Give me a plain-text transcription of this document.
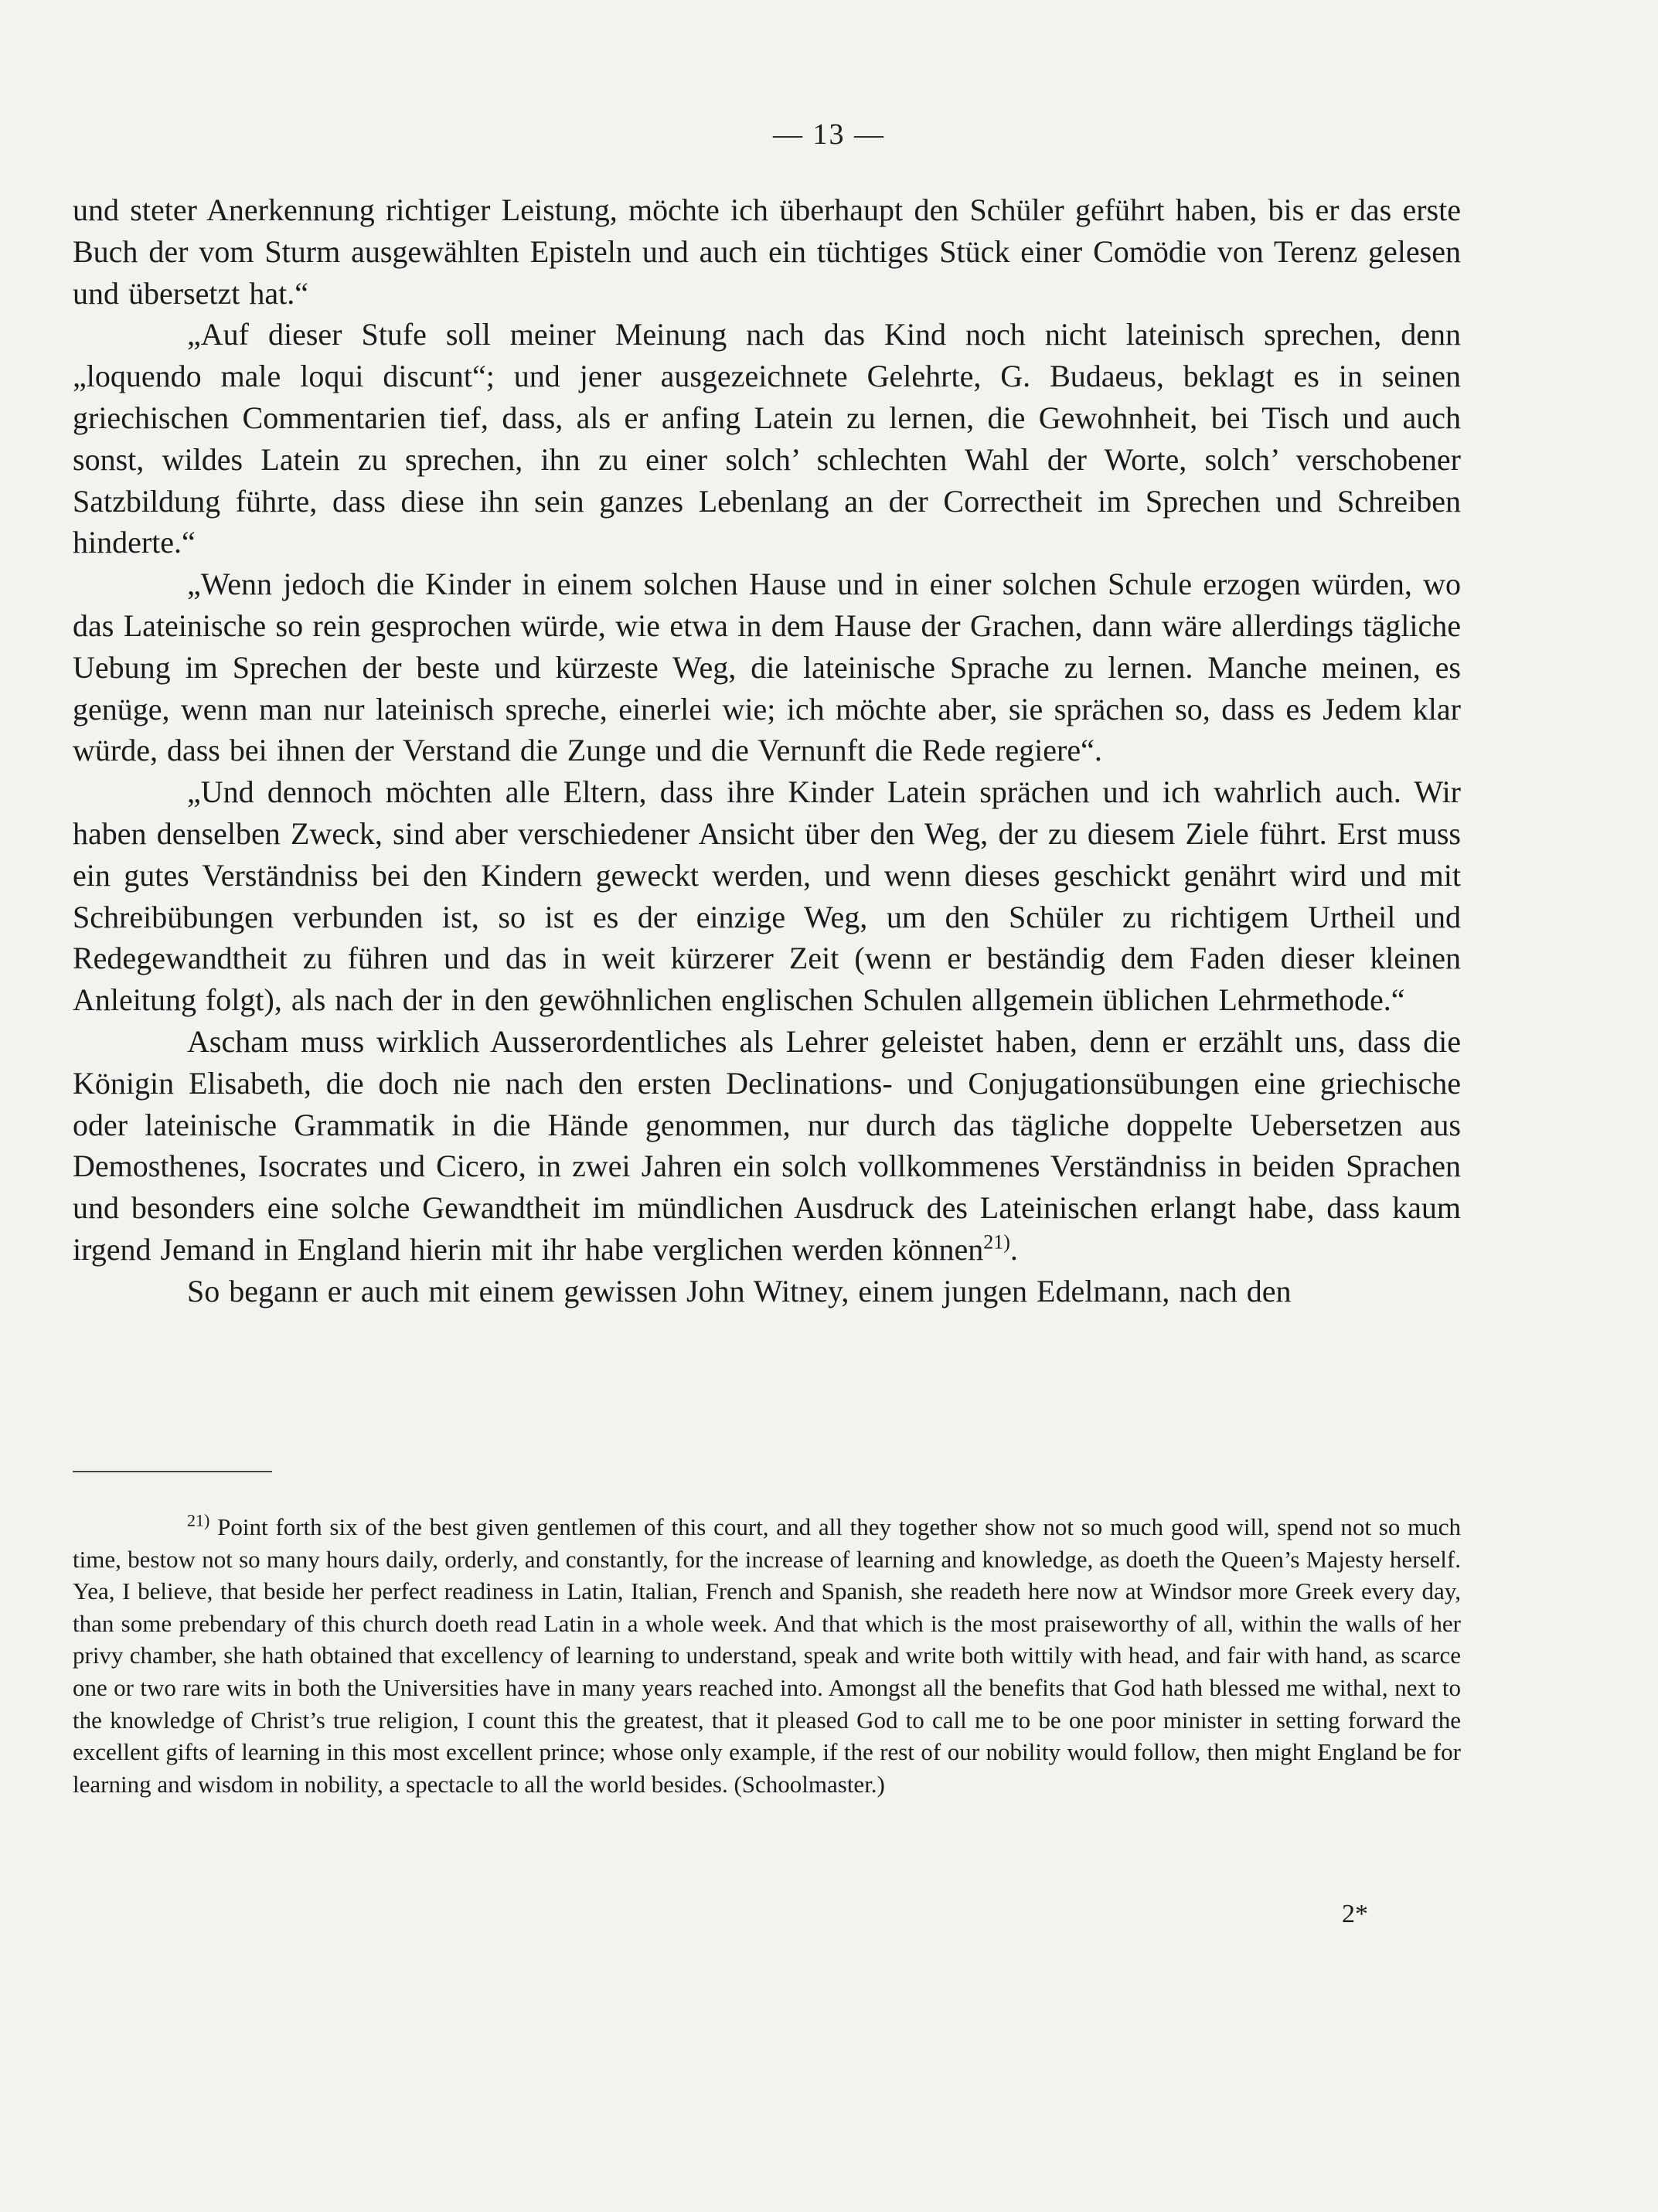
— 13 —

und steter Anerkennung richtiger Leistung, möchte ich überhaupt den Schüler geführt haben, bis er das erste Buch der vom Sturm ausgewählten Episteln und auch ein tüchtiges Stück einer Comödie von Terenz gelesen und übersetzt hat.“

„Auf dieser Stufe soll meiner Meinung nach das Kind noch nicht lateinisch sprechen, denn „loquendo male loqui discunt“; und jener ausgezeichnete Gelehrte, G. Budaeus, beklagt es in seinen griechischen Commentarien tief, dass, als er anfing Latein zu lernen, die Gewohnheit, bei Tisch und auch sonst, wildes Latein zu sprechen, ihn zu einer solch’ schlechten Wahl der Worte, solch’ verschobener Satzbildung führte, dass diese ihn sein ganzes Lebenlang an der Correctheit im Sprechen und Schreiben hinderte.“

„Wenn jedoch die Kinder in einem solchen Hause und in einer solchen Schule erzogen würden, wo das Lateinische so rein gesprochen würde, wie etwa in dem Hause der Grachen, dann wäre allerdings tägliche Uebung im Sprechen der beste und kürzeste Weg, die lateinische Sprache zu lernen. Manche meinen, es genüge, wenn man nur lateinisch spreche, einerlei wie; ich möchte aber, sie sprächen so, dass es Jedem klar würde, dass bei ihnen der Verstand die Zunge und die Vernunft die Rede regiere“.

„Und dennoch möchten alle Eltern, dass ihre Kinder Latein sprächen und ich wahrlich auch. Wir haben denselben Zweck, sind aber verschiedener Ansicht über den Weg, der zu diesem Ziele führt. Erst muss ein gutes Verständniss bei den Kindern geweckt werden, und wenn dieses geschickt genährt wird und mit Schreibübungen verbunden ist, so ist es der einzige Weg, um den Schüler zu richtigem Urtheil und Redegewandtheit zu führen und das in weit kürzerer Zeit (wenn er beständig dem Faden dieser kleinen Anleitung folgt), als nach der in den gewöhnlichen englischen Schulen allgemein üblichen Lehrmethode.“

Ascham muss wirklich Ausserordentliches als Lehrer geleistet haben, denn er erzählt uns, dass die Königin Elisabeth, die doch nie nach den ersten Declinations- und Conjugationsübungen eine griechische oder lateinische Grammatik in die Hände genommen, nur durch das tägliche doppelte Uebersetzen aus Demosthenes, Isocrates und Cicero, in zwei Jahren ein solch vollkommenes Verständniss in beiden Sprachen und besonders eine solche Gewandtheit im mündlichen Ausdruck des Lateinischen erlangt habe, dass kaum irgend Jemand in England hierin mit ihr habe verglichen werden können$^{21)}$.

So begann er auch mit einem gewissen John Witney, einem jungen Edelmann, nach den

$^{21)}$ Point forth six of the best given gentlemen of this court, and all they together show not so much good will, spend not so much time, bestow not so many hours daily, orderly, and constantly, for the increase of learning and knowledge, as doeth the Queen’s Majesty herself. Yea, I believe, that beside her perfect readiness in Latin, Italian, French and Spanish, she readeth here now at Windsor more Greek every day, than some prebendary of this church doeth read Latin in a whole week. And that which is the most praiseworthy of all, within the walls of her privy chamber, she hath obtained that excellency of learning to understand, speak and write both wittily with head, and fair with hand, as scarce one or two rare wits in both the Universities have in many years reached into. Amongst all the benefits that God hath blessed me withal, next to the knowledge of Christ’s true religion, I count this the greatest, that it pleased God to call me to be one poor minister in setting forward the excellent gifts of learning in this most excellent prince; whose only example, if the rest of our nobility would follow, then might England be for learning and wisdom in nobility, a spectacle to all the world besides. (Schoolmaster.)

2*
